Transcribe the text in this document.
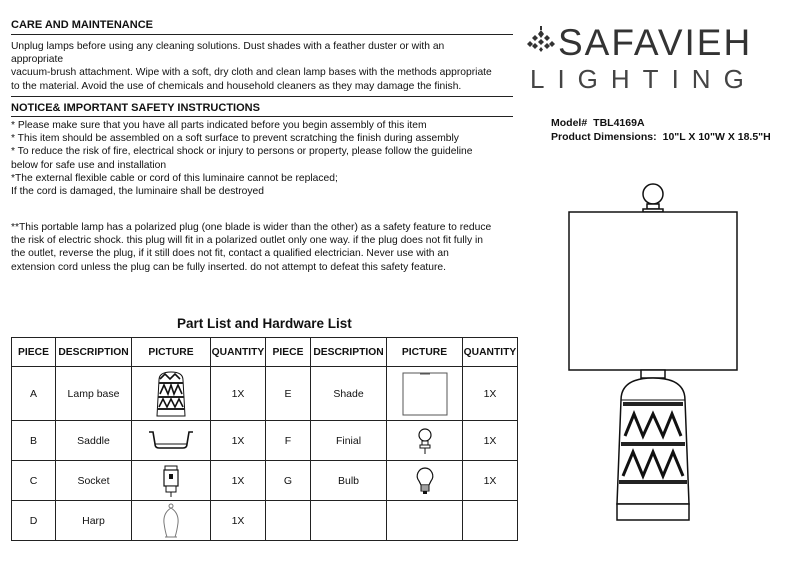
CARE AND MAINTENANCE
Unplug lamps before using any cleaning solutions. Dust shades with a feather duster or with an
appropriate
vacuum-brush attachment. Wipe with a soft, dry cloth and clean lamp bases with the methods appropriate
to the material. Avoid the use of chemicals and household cleaners as they may damage the finish.
NOTICE& IMPORTANT SAFETY INSTRUCTIONS
* Please make sure that you have all parts indicated before you begin assembly of this item
* This item should be assembled on a soft surface to prevent scratching the finish during assembly
* To reduce the risk of fire, electrical shock or injury to persons or property, please follow the guideline
below for safe use and installation
*The external flexible cable or cord of this luminaire cannot be replaced;
If the cord is damaged, the luminaire shall be destroyed
**This portable lamp has a polarized plug (one blade is wider than the other) as a safety feature to reduce
the risk of electric shock. this plug will fit in a polarized outlet only one way. if the plug does not fit fully in
the outlet, reverse the plug, if it still does not fit, contact a qualified electrician. Never use with an
extension cord unless the plug can be fully inserted. do not attempt to defeat this safety feature.
SAFAVIEH
LIGHTING
Model# TBL4169A
Product Dimensions: 10"L X 10"W X 18.5"H
Part List and Hardware List
PIECE	DESCRIPTION	PICTURE	QUANTITY	PIECE	DESCRIPTION	PICTURE	QUANTITY
A	Lamp base		1X	E	Shade		1X
B	Saddle		1X	F	Finial		1X
C	Socket		1X	G	Bulb		1X
D	Harp		1X				
